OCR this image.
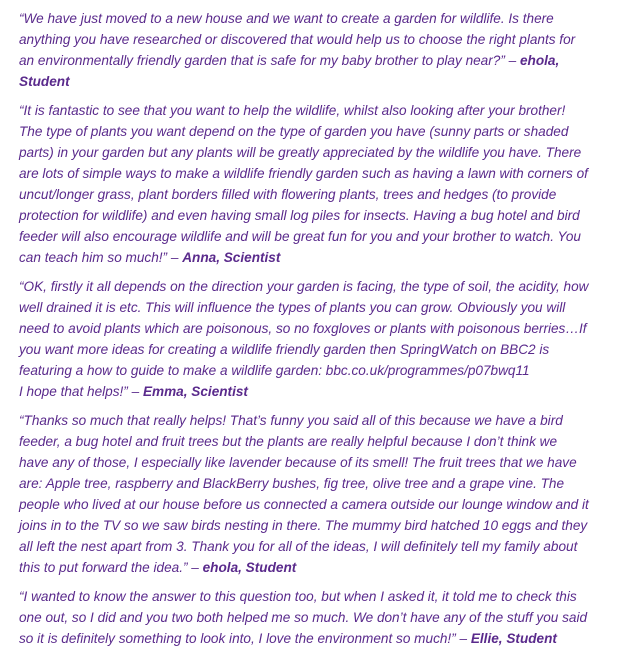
“We have just moved to a new house and we want to create a garden for wildlife. Is there
anything you have researched or discovered that would help us to choose the right plants for
an environmentally friendly garden that is safe for my baby brother to play near?” – ehola,
Student

“It is fantastic to see that you want to help the wildlife, whilst also looking after your brother!
The type of plants you want depend on the type of garden you have (sunny parts or shaded
parts) in your garden but any plants will be greatly appreciated by the wildlife you have. There
are lots of simple ways to make a wildlife friendly garden such as having a lawn with corners of
uncut/longer grass, plant borders filled with flowering plants, trees and hedges (to provide
protection for wildlife) and even having small log piles for insects. Having a bug hotel and bird
feeder will also encourage wildlife and will be great fun for you and your brother to watch. You
can teach him so much!” – Anna, Scientist

“OK, firstly it all depends on the direction your garden is facing, the type of soil, the acidity, how
well drained it is etc. This will influence the types of plants you can grow. Obviously you will
need to avoid plants which are poisonous, so no foxgloves or plants with poisonous berries…If
you want more ideas for creating a wildlife friendly garden then SpringWatch on BBC2 is
featuring a how to guide to make a wildlife garden: bbc.co.uk/programmes/p07bwq11
I hope that helps!” – Emma, Scientist

“Thanks so much that really helps! That’s funny you said all of this because we have a bird
feeder, a bug hotel and fruit trees but the plants are really helpful because I don’t think we
have any of those, I especially like lavender because of its smell! The fruit trees that we have
are: Apple tree, raspberry and BlackBerry bushes, fig tree, olive tree and a grape vine. The
people who lived at our house before us connected a camera outside our lounge window and it
joins in to the TV so we saw birds nesting in there. The mummy bird hatched 10 eggs and they
all left the nest apart from 3. Thank you for all of the ideas, I will definitely tell my family about
this to put forward the idea.” – ehola, Student

“I wanted to know the answer to this question too, but when I asked it, it told me to check this
one out, so I did and you two both helped me so much. We don’t have any of the stuff you said
so it is definitely something to look into, I love the environment so much!” – Ellie, Student
